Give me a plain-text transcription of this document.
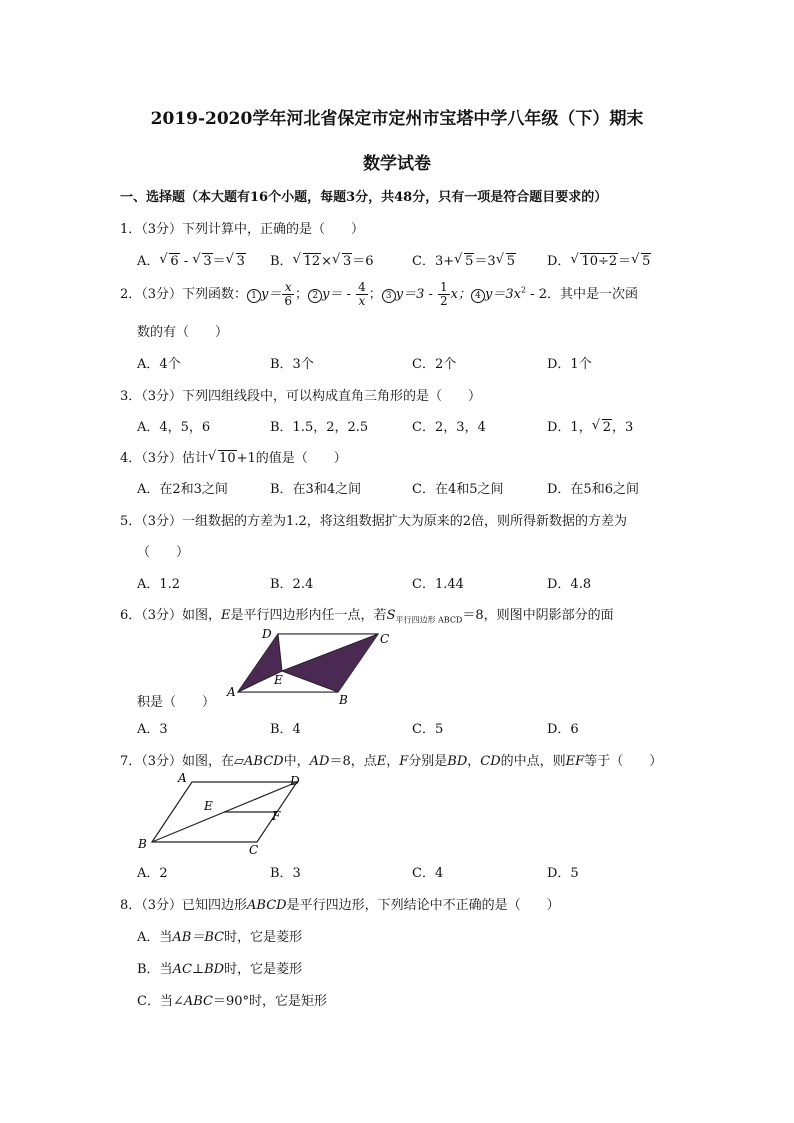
2019-2020学年河北省保定市定州市宝塔中学八年级（下）期末
数学试卷
一、选择题（本大题有16个小题，每题3分，共48分，只有一项是符合题目要求的）
1．（3分）下列计算中，正确的是（　　）
A． √ 6 - √ 3＝ √ 3 B． √ 12× √ 3＝6	C．3+ √ 5＝3 √ 5 D． √ 10÷2＝ √ 5
2．（3分）下列函数： 1 $y= \frac{x}{6}$ ； 2 $y= - \frac{4}{x}$ ； 3 $y=3 - \frac{1}{2}$ x； 4 $y=3x^2 - 2$．其中是一次函
数的有（　　）
A．4个	B．3个	C．2个	D．1个
3．（3分）下列四组线段中，可以构成直角三角形的是（　　）
A．4，5，6	B．1.5，2，2.5	C．2，3，4	D．1， √ 2，3
4．（3分）估计 √ 10+1的值是（　　）
A．在2和3之间	B．在3和4之间	C．在4和5之间	D．在5和6之间
5．（3分）一组数据的方差为1.2，将这组数据扩大为原来的2倍，则所得新数据的方差为
（　　）
A．1.2	B．2.4	C．1.44	D．4.8
6．（3分）如图，E是平行四边形内任一点，若$S_{平行四边形 ABCD}=8$，则图中阴影部分的面
A
B
C
D
E
积是（　　）
A．3	B．4	C．5	D．6
7．（3分）如图，在▱ABCD中，AD＝8，点E，F分别是BD，CD的中点，则EF等于（　　）
A
B	C
D
E
F
A．2	B．3	C．4	D．5
8．（3分）已知四边形ABCD是平行四边形，下列结论中不正确的是（　　）
A．当AB＝BC时，它是菱形
B．当AC⊥BD时，它是菱形
C．当∠ABC＝90°时，它是矩形
